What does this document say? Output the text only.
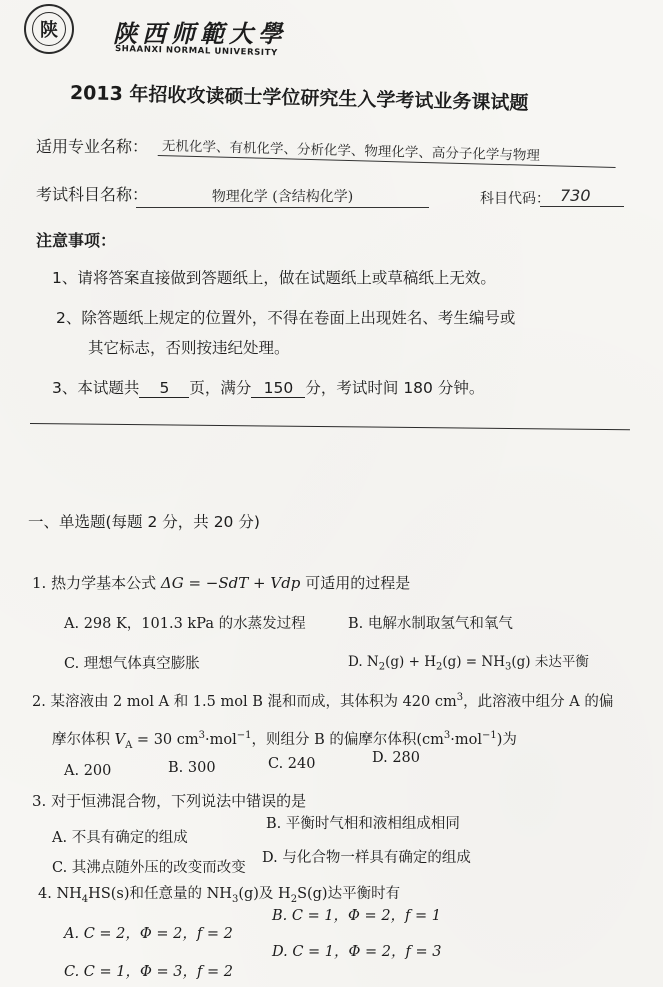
陕	陕西师範大學
SHAANXI NORMAL UNIVERSITY
2013 年招收攻读硕士学位研究生入学考试业务课试题
适用专业名称：	无机化学、有机化学、分析化学、物理化学、高分子化学与物理
考试科目名称：	物理化学 (含结构化学)	科目代码： 730
注意事项：
1、请将答案直接做到答题纸上，做在试题纸上或草稿纸上无效。
2、除答题纸上规定的位置外，不得在卷面上出现姓名、考生编号或
其它标志，否则按违纪处理。
3、本试题共 5 页，满分 150 分，考试时间 180 分钟。
一、单选题(每题 2 分，共 20 分)
1. 热力学基本公式 ΔG = −SdT + Vdp 可适用的过程是
A. 298 K，101.3 kPa 的水蒸发过程	B. 电解水制取氢气和氧气
C. 理想气体真空膨胀	D. $N_2(g) + H_2(g) = NH_3(g)$ 未达平衡
2. 某溶液由 2 mol A 和 1.5 mol B 混和而成，其体积为 420 $cm^3$，此溶液中组分 A 的偏
摩尔体积 $V_A = 30$ $cm^3\cdot mol^{-1}$，则组分 B 的偏摩尔体积$(cm^3\cdot mol^{-1})$为
A. 200	B. 300	C. 240	D. 280
3. 对于恒沸混合物，下列说法中错误的是
A. 不具有确定的组成
B. 平衡时气相和液相组成相同
C. 其沸点随外压的改变而改变
D. 与化合物一样具有确定的组成
4. $NH_4HS(s)$和任意量的 $NH_3(g)$及 $H_2S(g)$达平衡时有
A. C = 2，Φ = 2，f = 2
B. C = 1，Φ = 2，f = 1
C. C = 1，Φ = 3，f = 2
D. C = 1，Φ = 2，f = 3
